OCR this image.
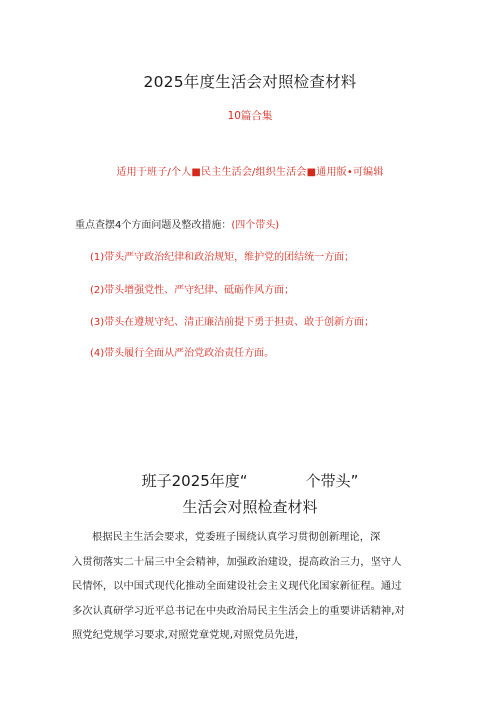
2025年度生活会对照检查材料
10篇合集
适用于班子/个人■民主生活会/组织生活会■通用版•可编辑
重点查摆4个方面问题及整改措施：(四个带头)
(1)带头严守政治纪律和政治规矩，维护党的团结统一方面；
(2)带头增强党性、严守纪律、砥砺作风方面；
(3)带头在遵规守纪、清正廉洁前提下勇于担责、敢于创新方面；
(4)带头履行全面从严治党政治责任方面。
班子2025年度“	个带头”
生活会对照检查材料

根据民主生活会要求，党委班子围绕认真学习贯彻创新理论，深

入贯彻落实二十届三中全会精神，加强政治建设，提高政治三力，坚守人

民情怀，以中国式现代化推动全面建设社会主义现代化国家新征程。通过

多次认真研学习近平总书记在中央政治局民主生活会上的重要讲话精神,对

照党纪党规学习要求,对照党章党规,对照党员先进，
